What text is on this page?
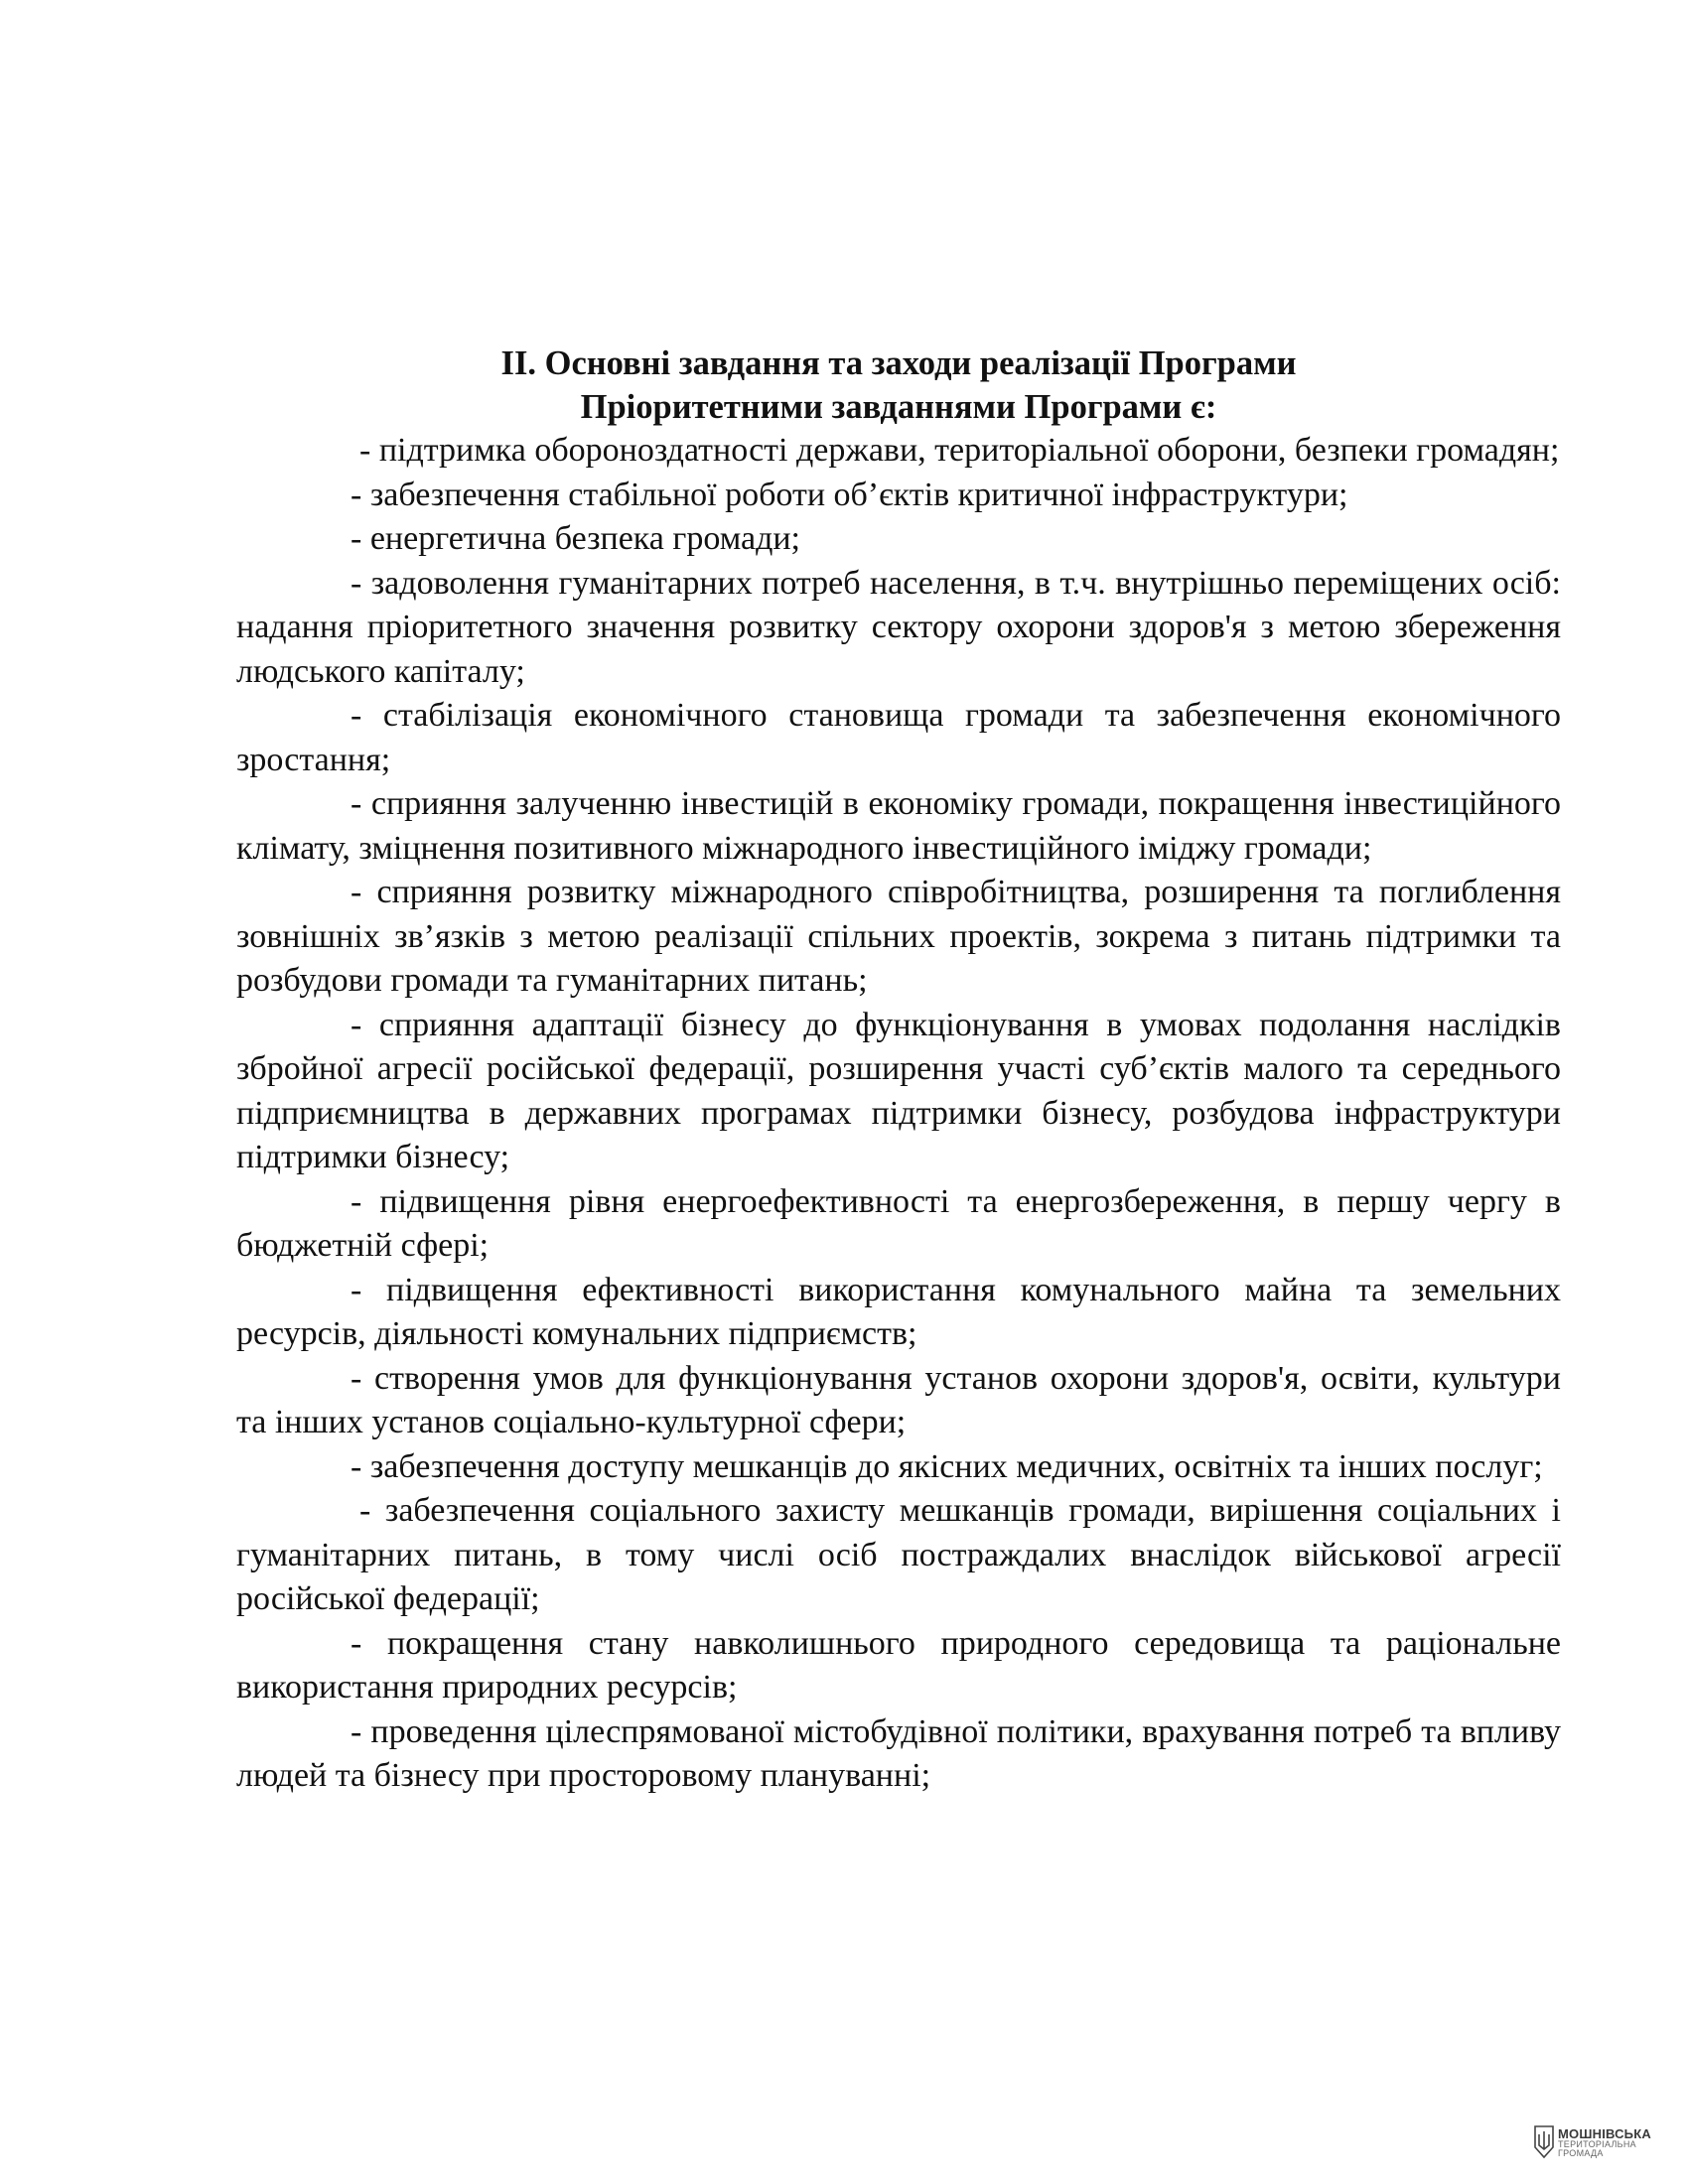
ІІ. Основні завдання та заходи реалізації Програми
Пріоритетними завданнями Програми є:
- підтримка обороноздатності держави, територіальної оборони, безпеки громадян;
- забезпечення стабільної роботи об’єктів критичної інфраструктури;
- енергетична безпека громади;
- задоволення гуманітарних потреб населення, в т.ч. внутрішньо переміщених осіб: надання пріоритетного значення розвитку сектору охорони здоров'я з метою збереження людського капіталу;
- стабілізація економічного становища громади та забезпечення економічного зростання;
- сприяння залученню інвестицій в економіку громади, покращення інвестиційного клімату, зміцнення позитивного міжнародного інвестиційного іміджу громади;
- сприяння розвитку міжнародного співробітництва, розширення та поглиблення зовнішніх зв’язків з метою реалізації спільних проектів, зокрема з питань підтримки та розбудови громади та гуманітарних питань;
- сприяння адаптації бізнесу до функціонування в умовах подолання наслідків збройної агресії російської федерації, розширення участі суб’єктів малого та середнього підприємництва в державних програмах підтримки бізнесу, розбудова інфраструктури підтримки бізнесу;
- підвищення рівня енергоефективності та енергозбереження, в першу чергу в бюджетній сфері;
- підвищення ефективності використання комунального майна та земельних ресурсів, діяльності комунальних підприємств;
- створення умов для функціонування установ охорони здоров'я, освіти, культури та інших установ соціально-культурної сфери;
- забезпечення доступу мешканців до якісних медичних, освітніх та інших послуг;
- забезпечення соціального захисту мешканців громади, вирішення соціальних і гуманітарних питань, в тому числі осіб постраждалих внаслідок військової агресії російської федерації;
- покращення стану навколишнього природного середовища та раціональне використання природних ресурсів;
- проведення цілеспрямованої містобудівної політики, врахування потреб та впливу людей та бізнесу при просторовому плануванні;
МОШНІВСЬКА
ТЕРИТОРІАЛЬНА
ГРОМАДА
